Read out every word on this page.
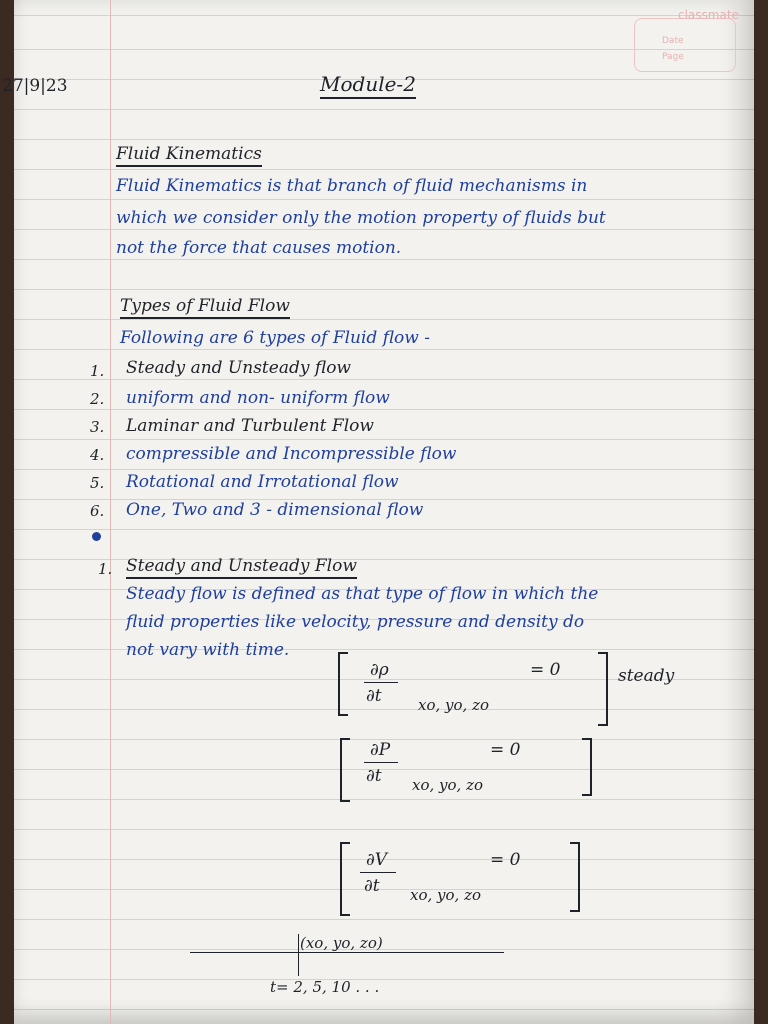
classmate
Date
Page
27|9|23	Module-2
Fluid Kinematics
Fluid Kinematics is that branch of fluid mechanisms in
which we consider only the motion property of fluids but
not the force that causes motion.
Types of Fluid Flow
Following are 6 types of Fluid flow -
1. Steady and Unsteady flow
2. uniform and non- uniform flow
3. Laminar and Turbulent Flow
4. compressible and Incompressible flow
5. Rotational and Irrotational flow
6. One, Two and 3 - dimensional flow
1. Steady and Unsteady Flow
Steady flow is defined as that type of flow in which the
fluid properties like velocity, pressure and density do
not vary with time.
∂ρ
∂t xo, yo, zo
= 0	steady
∂P
∂t xo, yo, zo
= 0
∂V
∂t xo, yo, zo
= 0
(xo, yo, zo)
t= 2, 5, 10 . . .
